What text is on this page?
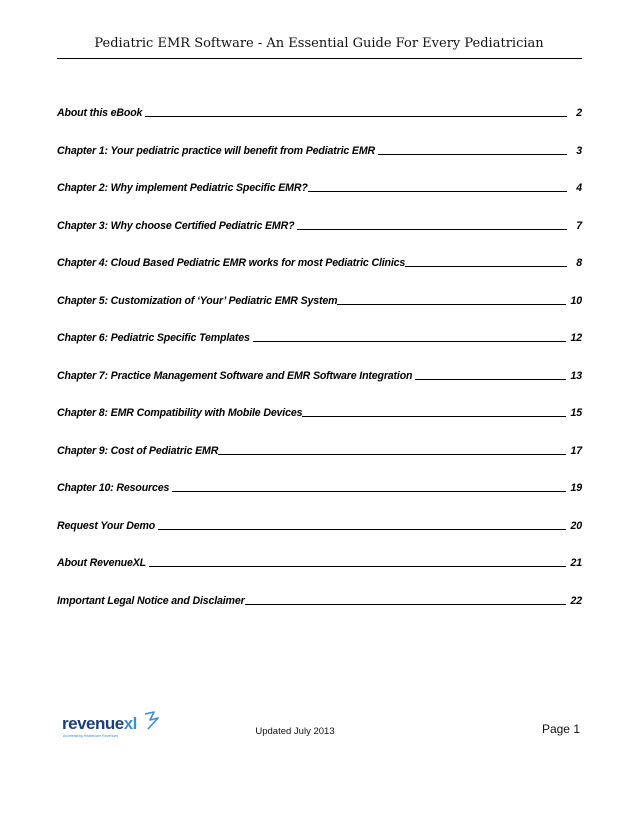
Pediatric EMR Software - An Essential Guide For Every Pediatrician
About this eBook	2
Chapter 1: Your pediatric practice will benefit from Pediatric EMR	3
Chapter 2: Why implement Pediatric Specific EMR?	4
Chapter 3: Why choose Certified Pediatric EMR?	7
Chapter 4: Cloud Based Pediatric EMR works for most Pediatric Clinics	8
Chapter 5: Customization of ‘Your’ Pediatric EMR System	10
Chapter 6: Pediatric Specific Templates	12
Chapter 7: Practice Management Software and EMR Software Integration	13
Chapter 8: EMR Compatibility with Mobile Devices	15
Chapter 9: Cost of Pediatric EMR	17
Chapter 10: Resources	19
Request Your Demo	20
About RevenueXL	21
Important Legal Notice and Disclaimer	22
revenuexl
Accelerating Healthcare Revenues	Updated July 2013	Page 1
